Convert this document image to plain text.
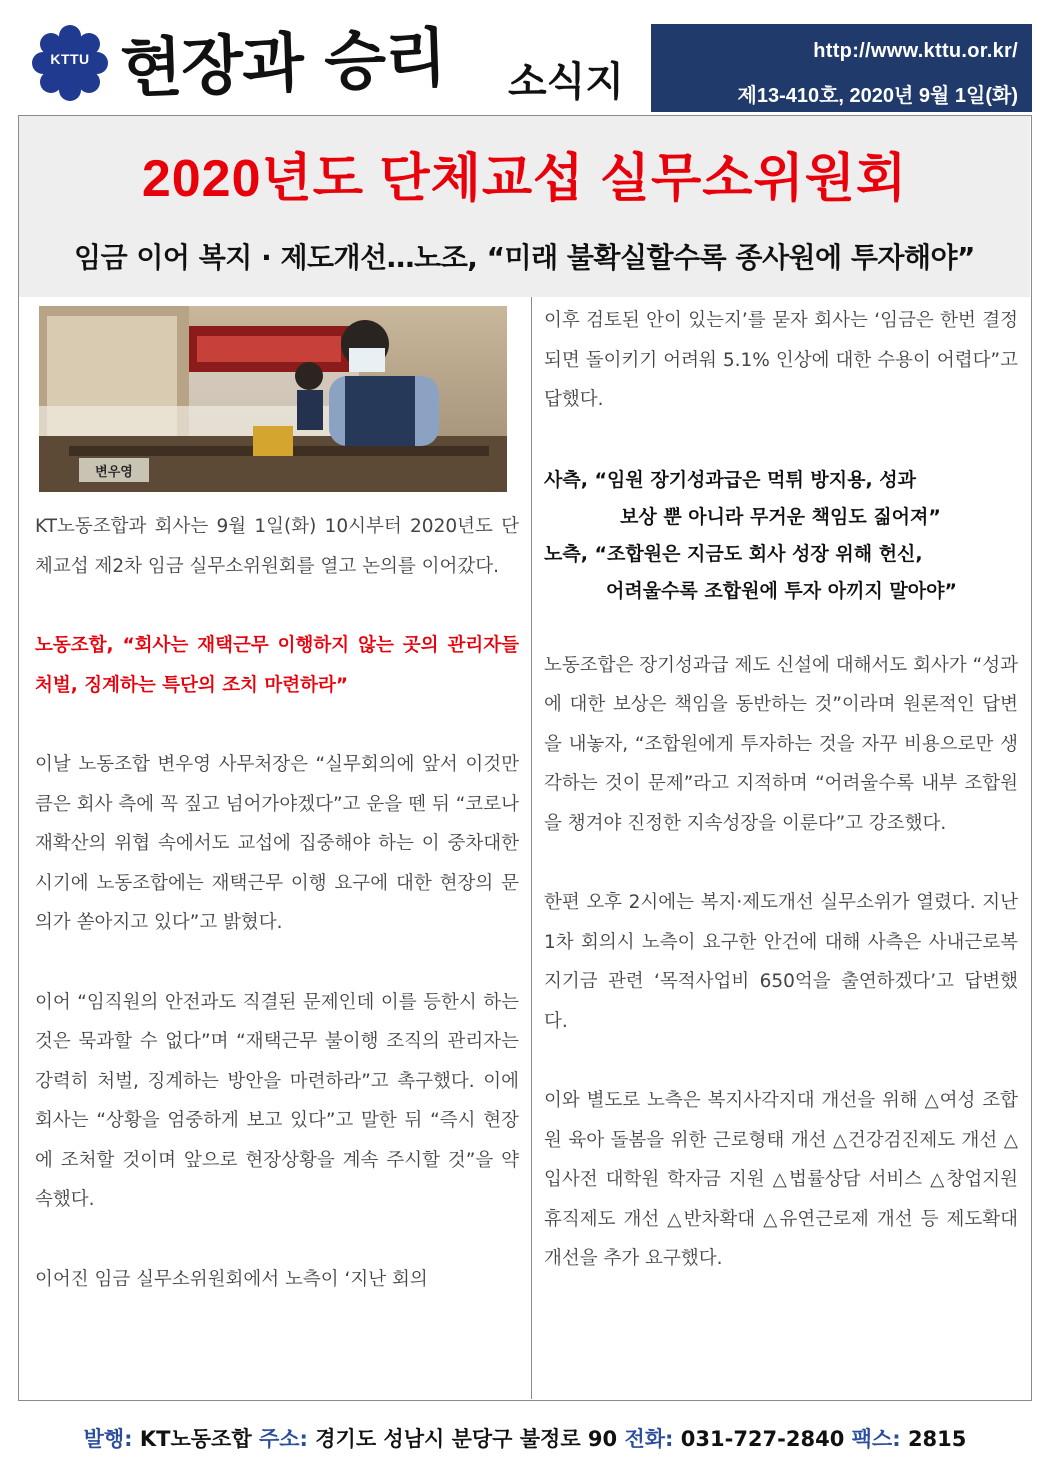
KTTU 현장과 승리 소식지
http://www.kttu.or.kr/
제13-410호, 2020년 9월 1일(화)
2020년도 단체교섭 실무소위원회
임금 이어 복지 · 제도개선…노조, “미래 불확실할수록 종사원에 투자해야”
변우영

KT노동조합과 회사는 9월 1일(화) 10시부터 2020년도 단체교섭 제2차 임금 실무소위원회를 열고 논의를 이어갔다.

노동조합, “회사는 재택근무 이행하지 않는 곳의 관리자들 처벌, 징계하는 특단의 조치 마련하라”

이날 노동조합 변우영 사무처장은 “실무회의에 앞서 이것만큼은 회사 측에 꼭 짚고 넘어가야겠다”고 운을 뗀 뒤 “코로나 재확산의 위협 속에서도 교섭에 집중해야 하는 이 중차대한 시기에 노동조합에는 재택근무 이행 요구에 대한 현장의 문의가 쏟아지고 있다”고 밝혔다.

이어 “임직원의 안전과도 직결된 문제인데 이를 등한시 하는 것은 묵과할 수 없다”며 “재택근무 불이행 조직의 관리자는 강력히 처벌, 징계하는 방안을 마련하라”고 촉구했다. 이에 회사는 “상황을 엄중하게 보고 있다”고 말한 뒤 “즉시 현장에 조처할 것이며 앞으로 현장상황을 계속 주시할 것”을 약속했다.

이어진 임금 실무소위원회에서 노측이 ‘지난 회의

이후 검토된 안이 있는지’를 묻자 회사는 ‘임금은 한번 결정되면 돌이키기 어려워 5.1% 인상에 대한 수용이 어렵다”고 답했다.

사측, “임원 장기성과급은 먹튀 방지용, 성과
보상 뿐 아니라 무거운 책임도 짊어져”
노측, “조합원은 지금도 회사 성장 위해 헌신,
어려울수록 조합원에 투자 아끼지 말아야”

노동조합은 장기성과급 제도 신설에 대해서도 회사가 “성과에 대한 보상은 책임을 동반하는 것”이라며 원론적인 답변을 내놓자, “조합원에게 투자하는 것을 자꾸 비용으로만 생각하는 것이 문제”라고 지적하며 “어려울수록 내부 조합원을 챙겨야 진정한 지속성장을 이룬다”고 강조했다.

한편 오후 2시에는 복지·제도개선 실무소위가 열렸다. 지난 1차 회의시 노측이 요구한 안건에 대해 사측은 사내근로복지기금 관련 ‘목적사업비 650억을 출연하겠다’고 답변했다.

이와 별도로 노측은 복지사각지대 개선을 위해 △여성 조합원 육아 돌봄을 위한 근로형태 개선 △건강검진제도 개선 △입사전 대학원 학자금 지원 △법률상담 서비스 △창업지원 휴직제도 개선 △반차확대 △유연근로제 개선 등 제도확대 개선을 추가 요구했다.

발행: KT노동조합 주소: 경기도 성남시 분당구 불정로 90 전화: 031-727-2840 팩스: 2815
